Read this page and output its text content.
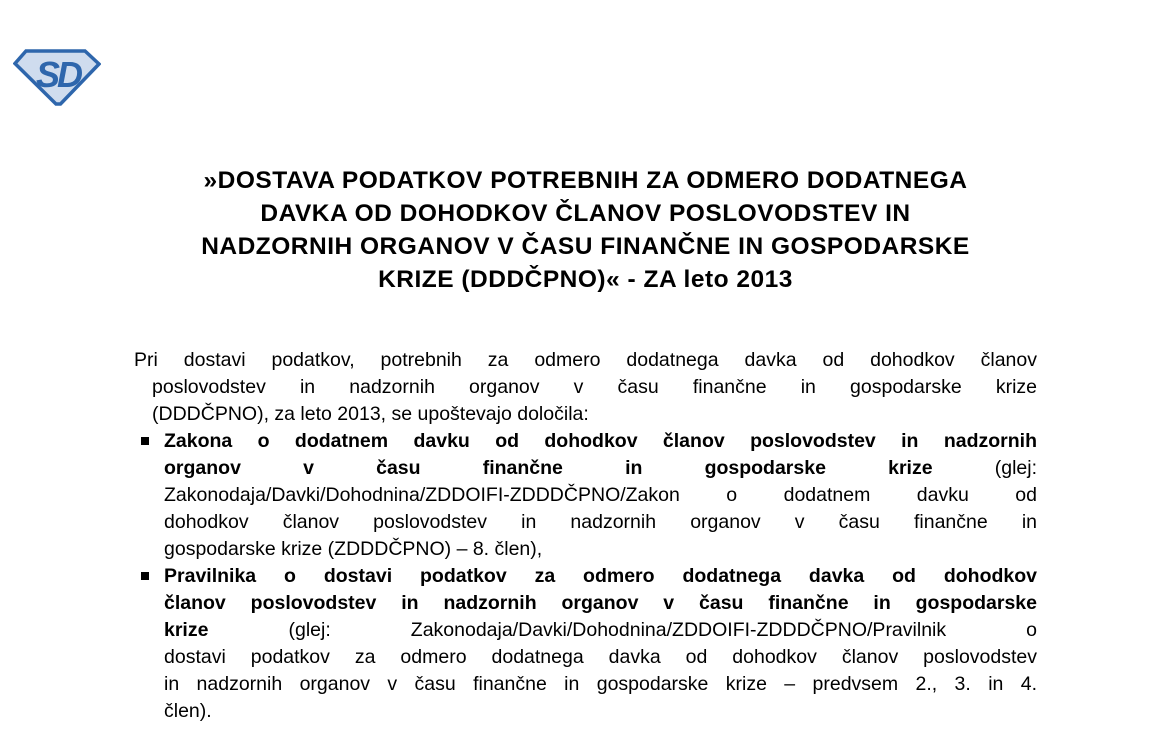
SD
»DOSTAVA PODATKOV POTREBNIH ZA ODMERO DODATNEGA
DAVKA OD DOHODKOV ČLANOV POSLOVODSTEV IN
NADZORNIH ORGANOV V ČASU FINANČNE IN GOSPODARSKE
KRIZE (DDDČPNO)« - ZA leto 2013
Pri dostavi podatkov, potrebnih za odmero dodatnega davka od dohodkov članov
poslovodstev in nadzornih organov v času finančne in gospodarske krize
(DDDČPNO), za leto 2013, se upoštevajo določila:
Zakona o dodatnem davku od dohodkov članov poslovodstev in nadzornih
organov v času finančne in gospodarske krize (glej:
Zakonodaja/Davki/Dohodnina/ZDDOIFI-ZDDDČPNO/Zakon o dodatnem davku od
dohodkov članov poslovodstev in nadzornih organov v času finančne in
gospodarske krize (ZDDDČPNO) – 8. člen),
Pravilnika o dostavi podatkov za odmero dodatnega davka od dohodkov
članov poslovodstev in nadzornih organov v času finančne in gospodarske
krize (glej: Zakonodaja/Davki/Dohodnina/ZDDOIFI-ZDDDČPNO/Pravilnik o
dostavi podatkov za odmero dodatnega davka od dohodkov članov poslovodstev
in nadzornih organov v času finančne in gospodarske krize – predvsem 2., 3. in 4.
člen).
